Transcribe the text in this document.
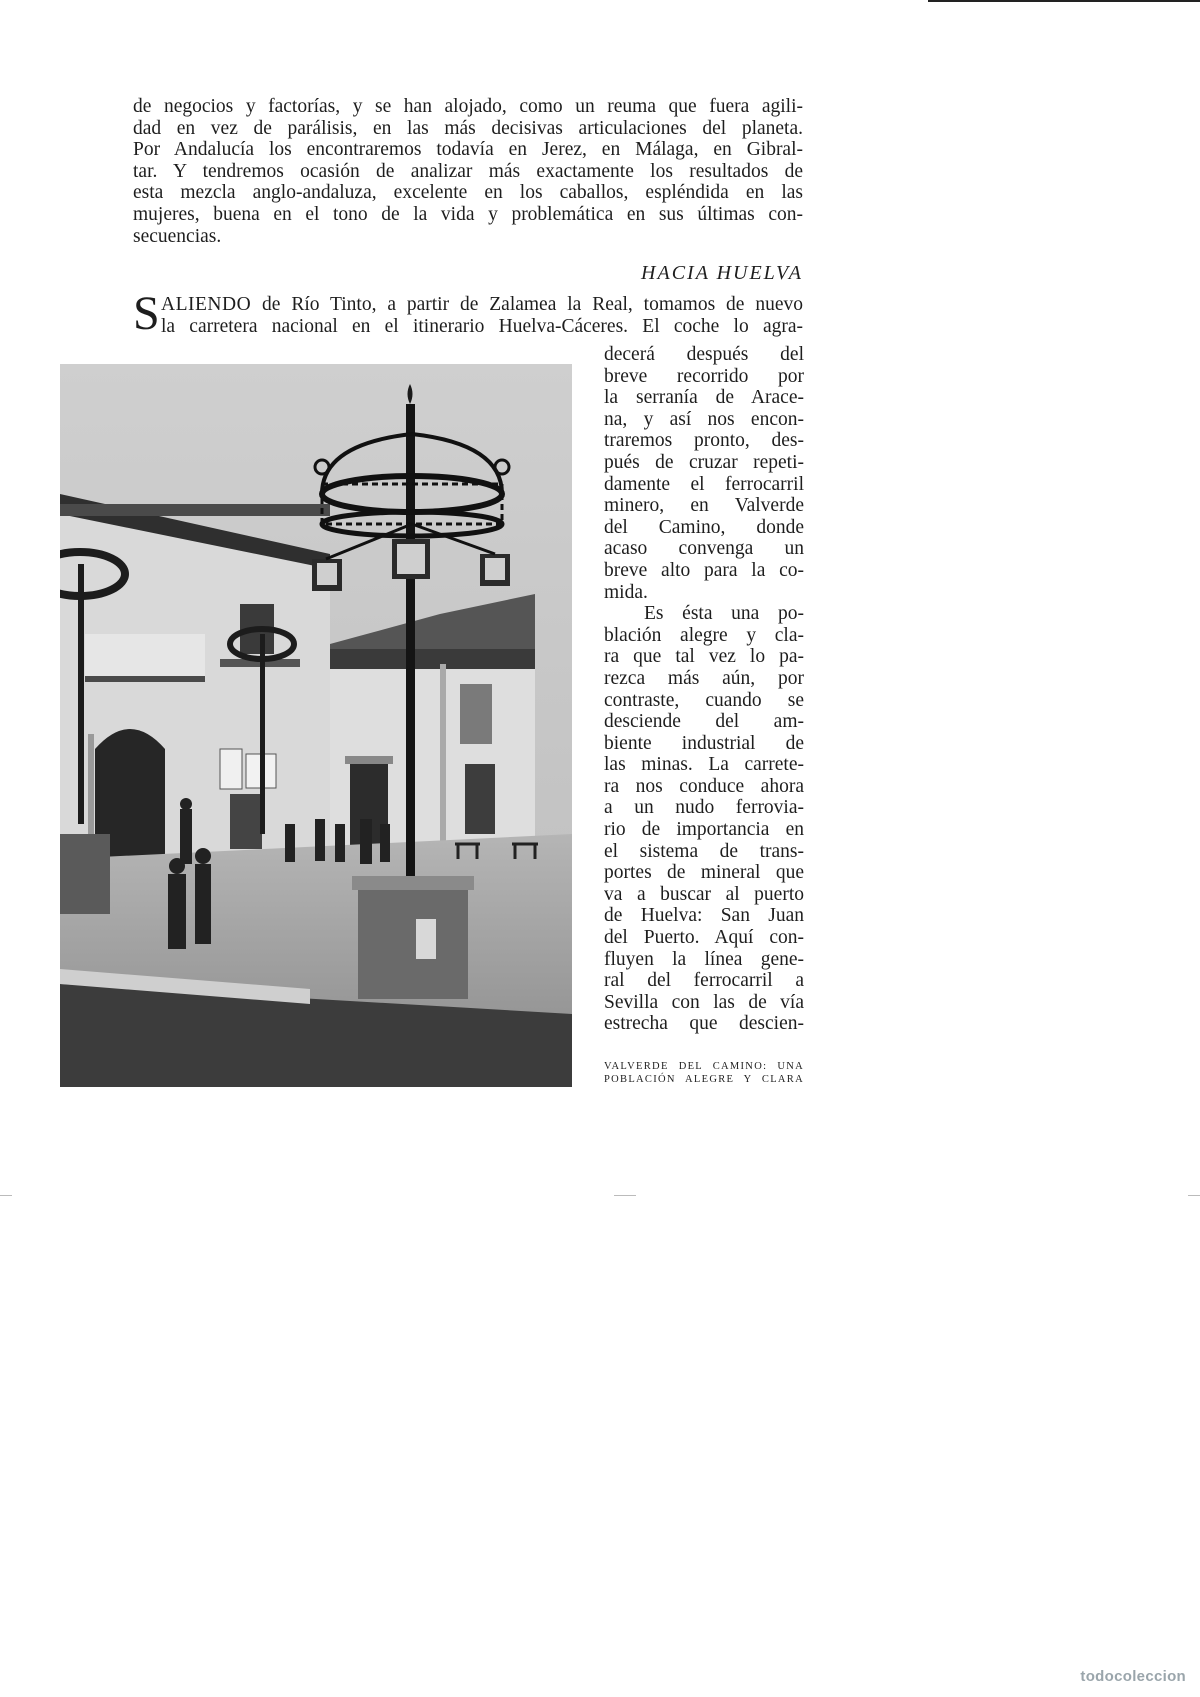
de negocios y factorías, y se han alojado, como un reuma que fuera agili-
dad en vez de parálisis, en las más decisivas articulaciones del planeta.
Por Andalucía los encontraremos todavía en Jerez, en Málaga, en Gibral-
tar. Y tendremos ocasión de analizar más exactamente los resultados de
esta mezcla anglo-andaluza, excelente en los caballos, espléndida en las
mujeres, buena en el tono de la vida y problemática en sus últimas con-
secuencias.
HACIA HUELVA
S ALIENDO de Río Tinto, a partir de Zalamea la Real, tomamos de nuevo
la carretera nacional en el itinerario Huelva-Cáceres. El coche lo agra-
decerá después del
breve recorrido por
la serranía de Arace-
na, y así nos encon-
traremos pronto, des-
pués de cruzar repeti-
damente el ferrocarril
minero, en Valverde
del Camino, donde
acaso convenga un
breve alto para la co-
mida.
Es ésta una po-
blación alegre y cla-
ra que tal vez lo pa-
rezca más aún, por
contraste, cuando se
desciende del am-
biente industrial de
las minas. La carrete-
ra nos conduce ahora
a un nudo ferrovia-
rio de importancia en
el sistema de trans-
portes de mineral que
va a buscar al puerto
de Huelva: San Juan
del Puerto. Aquí con-
fluyen la línea gene-
ral del ferrocarril a
Sevilla con las de vía
estrecha que descien-
VALVERDE DEL CAMINO: UNA
POBLACIÓN ALEGRE Y CLARA

todocoleccion
